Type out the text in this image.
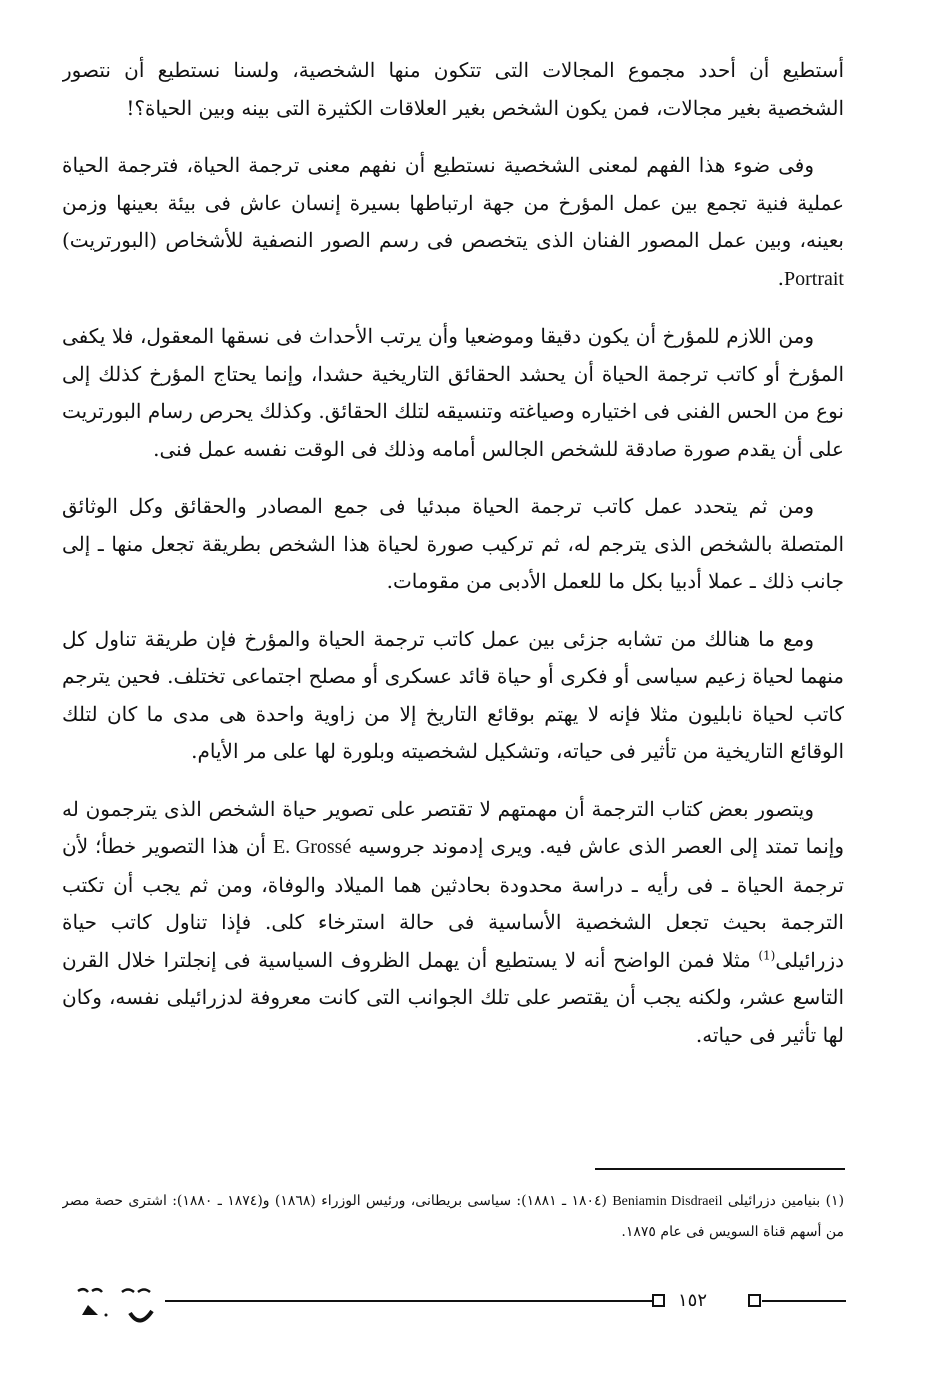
أستطيع أن أحدد مجموع المجالات التى تتكون منها الشخصية، ولسنا نستطيع أن نتصور الشخصية بغير مجالات، فمن يكون الشخص بغير العلاقات الكثيرة التى بينه وبين الحياة؟!

وفى ضوء هذا الفهم لمعنى الشخصية نستطيع أن نفهم معنى ترجمة الحياة، فترجمة الحياة عملية فنية تجمع بين عمل المؤرخ من جهة ارتباطها بسيرة إنسان عاش فى بيئة بعينها وزمن بعينه، وبين عمل المصور الفنان الذى يتخصص فى رسم الصور النصفية للأشخاص (البورتريت) Portrait.

ومن اللازم للمؤرخ أن يكون دقيقا وموضعيا وأن يرتب الأحداث فى نسقها المعقول، فلا يكفى المؤرخ أو كاتب ترجمة الحياة أن يحشد الحقائق التاريخية حشدا، وإنما يحتاج المؤرخ كذلك إلى نوع من الحس الفنى فى اختياره وصياغته وتنسيقه لتلك الحقائق. وكذلك يحرص رسام البورتريت على أن يقدم صورة صادقة للشخص الجالس أمامه وذلك فى الوقت نفسه عمل فنى.

ومن ثم يتحدد عمل كاتب ترجمة الحياة مبدئيا فى جمع المصادر والحقائق وكل الوثائق المتصلة بالشخص الذى يترجم له، ثم تركيب صورة لحياة هذا الشخص بطريقة تجعل منها ـ إلى جانب ذلك ـ عملا أدبيا بكل ما للعمل الأدبى من مقومات.

ومع ما هنالك من تشابه جزئى بين عمل كاتب ترجمة الحياة والمؤرخ فإن طريقة تناول كل منهما لحياة زعيم سياسى أو فكرى أو حياة قائد عسكرى أو مصلح اجتماعى تختلف. فحين يترجم كاتب لحياة نابليون مثلا فإنه لا يهتم بوقائع التاريخ إلا من زاوية واحدة هى مدى ما كان لتلك الوقائع التاريخية من تأثير فى حياته، وتشكيل لشخصيته وبلورة لها على مر الأيام.

ويتصور بعض كتاب الترجمة أن مهمتهم لا تقتصر على تصوير حياة الشخص الذى يترجمون له وإنما تمتد إلى العصر الذى عاش فيه. ويرى إدموند جروسيه E. Grossé أن هذا التصوير خطأ؛ لأن ترجمة الحياة ـ فى رأيه ـ دراسة محدودة بحادثين هما الميلاد والوفاة، ومن ثم يجب أن تكتب الترجمة بحيث تجعل الشخصية الأساسية فى حالة استرخاء كلى. فإذا تناول كاتب حياة دزرائيلى$^{(1)}$ مثلا فمن الواضح أنه لا يستطيع أن يهمل الظروف السياسية فى إنجلترا خلال القرن التاسع عشر، ولكنه يجب أن يقتصر على تلك الجوانب التى كانت معروفة لدزرائيلى نفسه، وكان لها تأثير فى حياته.

(١) بنيامين دزرائيلى Beniamin Disdraeil (١٨٠٤ ـ ١٨٨١): سياسى بريطانى، ورئيس الوزراء (١٨٦٨) و(١٨٧٤ ـ ١٨٨٠): اشترى حصة مصر من أسهم قناة السويس فى عام ١٨٧٥.
١٥٢
